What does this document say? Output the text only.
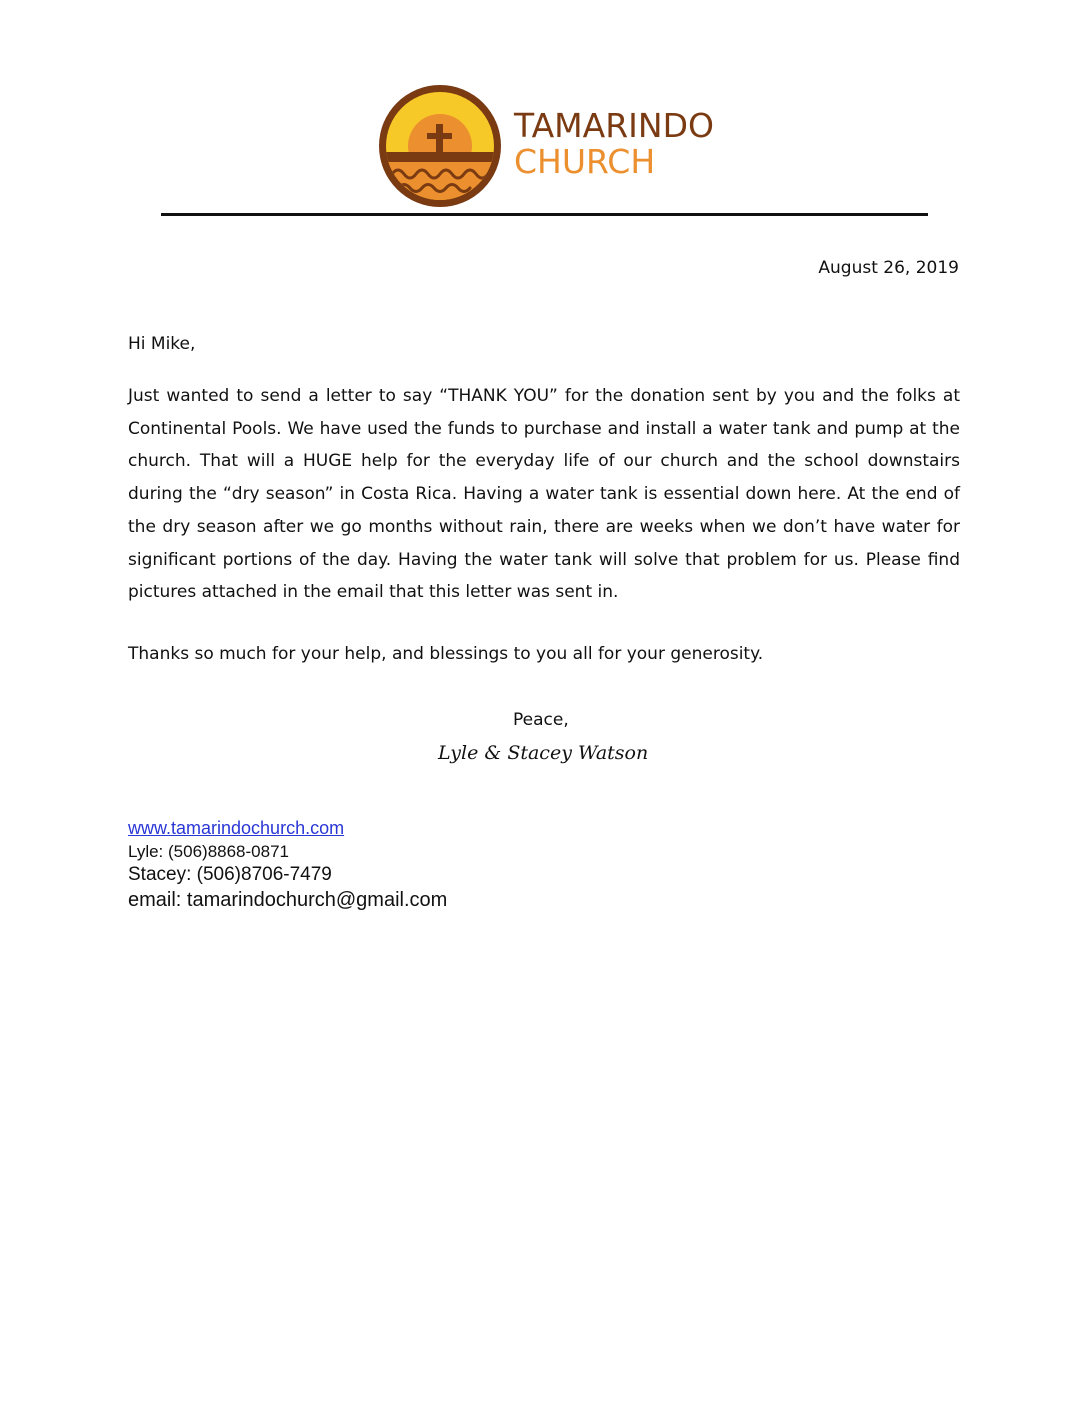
TAMARINDO
CHURCH
August 26, 2019
Hi Mike,

Just wanted to send a letter to say “THANK YOU” for the donation sent by you and the folks at Continental Pools. We have used the funds to purchase and install a water tank and pump at the church. That will a HUGE help for the everyday life of our church and the school downstairs during the “dry season” in Costa Rica. Having a water tank is essential down here. At the end of the dry season after we go months without rain, there are weeks when we don’t have water for significant portions of the day. Having the water tank will solve that problem for us. Please find pictures attached in the email that this letter was sent in.

Thanks so much for your help, and blessings to you all for your generosity.

Peace,
Lyle & Stacey Watson
www.tamarindochurch.com
Lyle: (506)8868-0871
Stacey: (506)8706-7479
email: tamarindochurch@gmail.com
